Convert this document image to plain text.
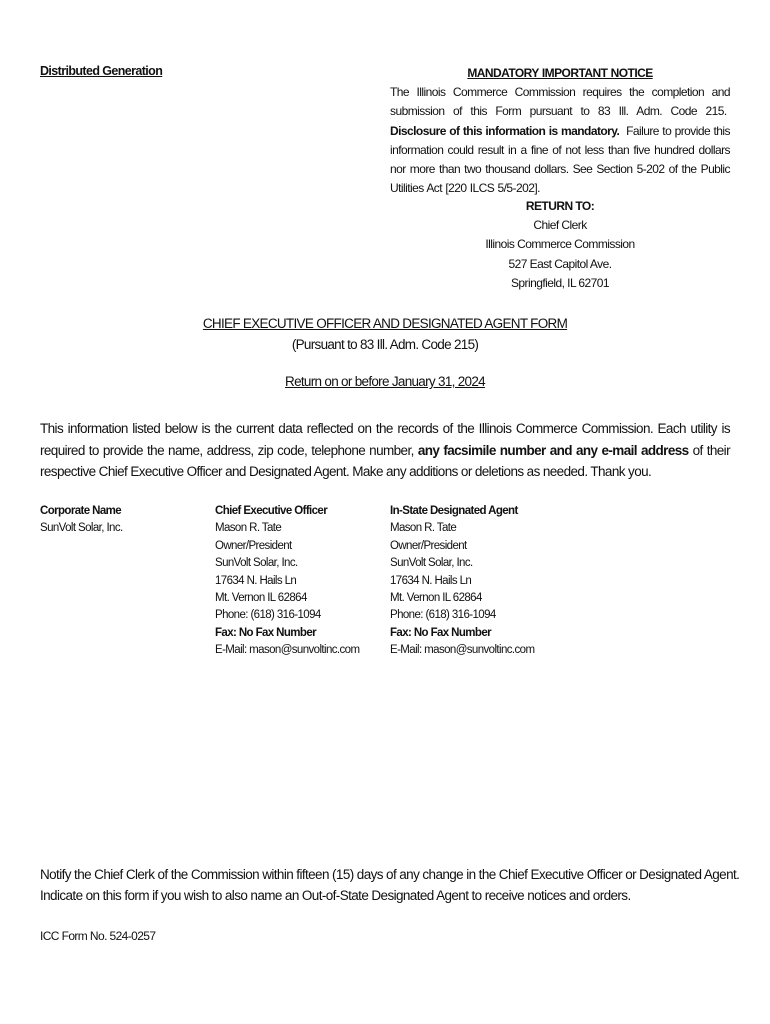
Distributed Generation	MANDATORY IMPORTANT NOTICE
The Illinois Commerce Commission requires the completion and submission of this Form pursuant to 83 Ill. Adm. Code 215.  Disclosure of this information is mandatory. Failure to provide this information could result in a fine of not less than five hundred dollars nor more than two thousand dollars. See Section 5-202 of the Public Utilities Act [220 ILCS 5/5-202].
RETURN TO:
Chief Clerk
Illinois Commerce Commission
527 East Capitol Ave.
Springfield, IL 62701
CHIEF EXECUTIVE OFFICER AND DESIGNATED AGENT FORM
(Pursuant to 83 Ill. Adm. Code 215)
Return on or before January 31, 2024
This information listed below is the current data reflected on the records of the Illinois Commerce Commission. Each utility is required to provide the name, address, zip code, telephone number, any facsimile number and any e-mail address of their respective Chief Executive Officer and Designated Agent. Make any additions or deletions as needed. Thank you.
Corporate Name
SunVolt Solar, Inc.
Chief Executive Officer
Mason R. Tate
Owner/President
SunVolt Solar, Inc.
17634 N. Hails Ln
Mt. Vernon IL 62864
Phone: (618) 316-1094
Fax: No Fax Number
E-Mail: mason@sunvoltinc.com
In-State Designated Agent
Mason R. Tate
Owner/President
SunVolt Solar, Inc.
17634 N. Hails Ln
Mt. Vernon IL 62864
Phone: (618) 316-1094
Fax: No Fax Number
E-Mail: mason@sunvoltinc.com
Notify the Chief Clerk of the Commission within fifteen (15) days of any change in the Chief Executive Officer or Designated Agent.
Indicate on this form if you wish to also name an Out-of-State Designated Agent to receive notices and orders.
ICC Form No. 524-0257
